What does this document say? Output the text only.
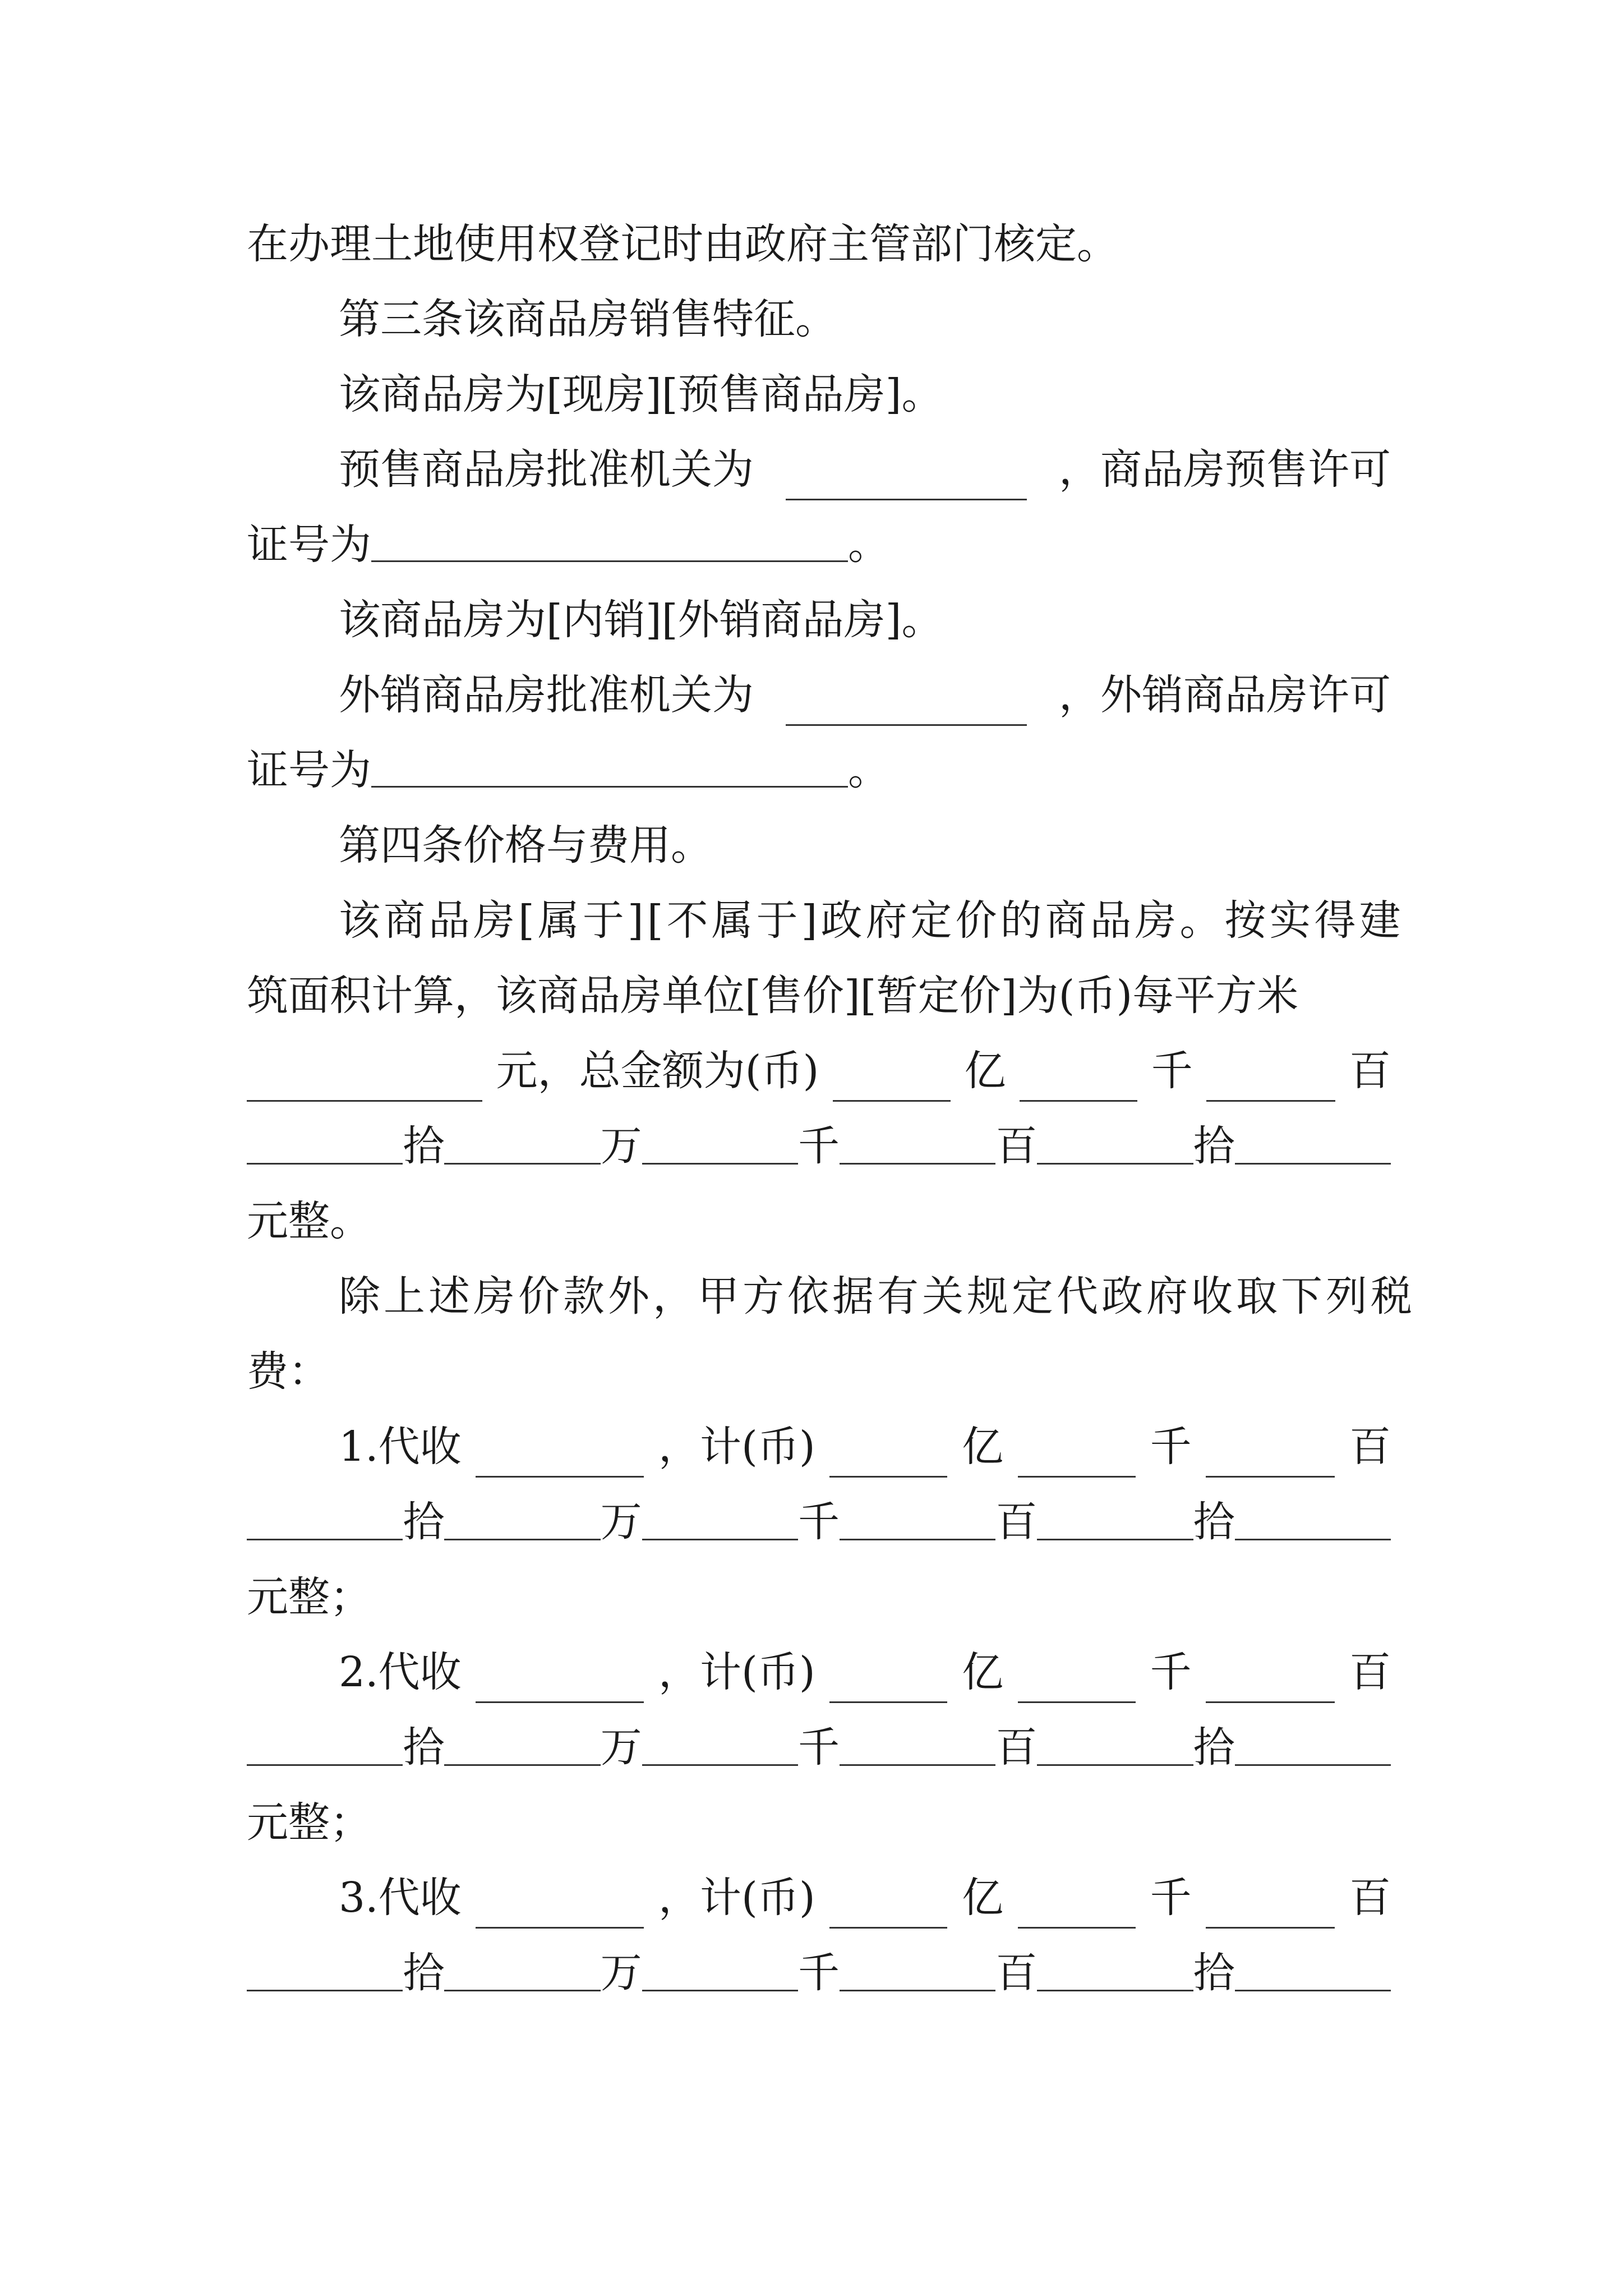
在办理土地使用权登记时由政府主管部门核定。
第三条该商品房销售特征。
该商品房为[现房][预售商品房]。
预售商品房批准机关为	，商品房预售许可
证号为	。
该商品房为[内销][外销商品房]。
外销商品房批准机关为	，外销商品房许可
证号为	。
第四条价格与费用。
该商品房[属于][不属于]政府定价的商品房。按实得建
筑面积计算，该商品房单位[售价][暂定价]为(币)每平方米
元，总金额为(币)	亿	千	百
拾	万	千	百	拾
元整。
除上述房价款外，甲方依据有关规定代政府收取下列税
费：
1.代收	，计(币)	亿	千	百
拾	万	千	百	拾
元整；
2.代收	，计(币)	亿	千	百
拾	万	千	百	拾
元整；
3.代收	，计(币)	亿	千	百
拾	万	千	百	拾
